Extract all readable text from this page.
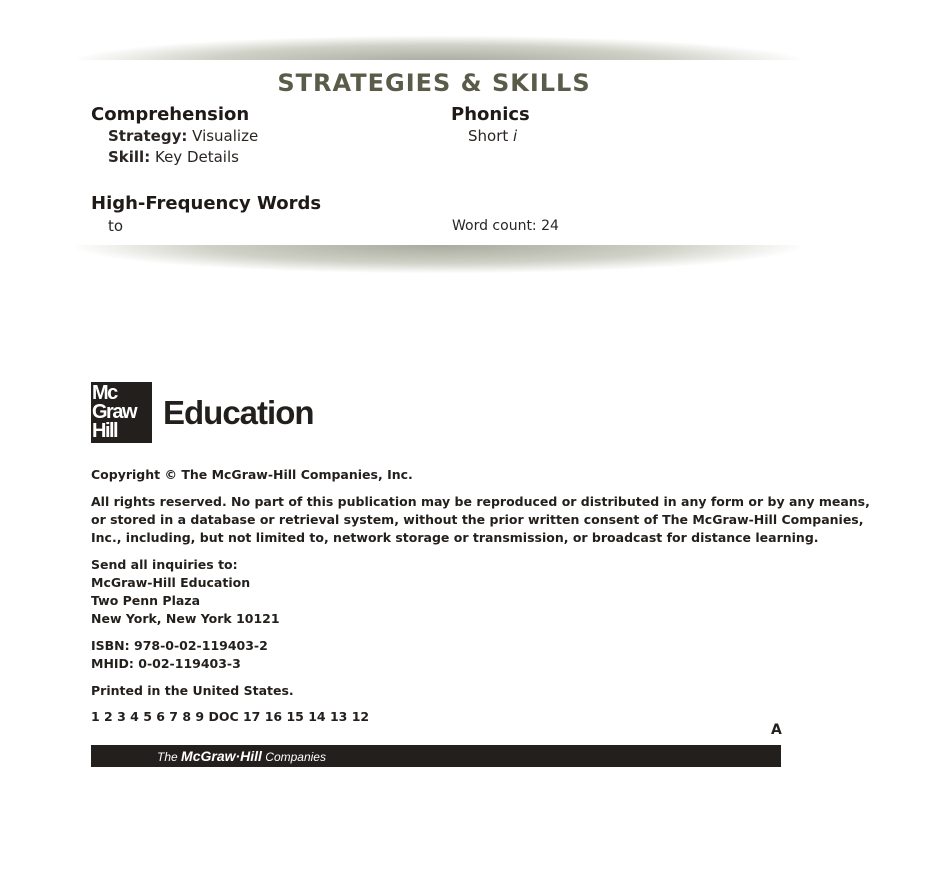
STRATEGIES & SKILLS
Comprehension
Strategy: Visualize
Skill: Key Details
Phonics
Short i
High-Frequency Words
to	Word count: 24
Mc
Graw
Hill	Education
Copyright © The McGraw-Hill Companies, Inc.
All rights reserved. No part of this publication may be reproduced or distributed in any form or by any means,
or stored in a database or retrieval system, without the prior written consent of The McGraw-Hill Companies,
Inc., including, but not limited to, network storage or transmission, or broadcast for distance learning.
Send all inquiries to:
McGraw-Hill Education
Two Penn Plaza
New York, New York 10121
ISBN: 978-0-02-119403-2
MHID: 0-02-119403-3
Printed in the United States.
1 2 3 4 5 6 7 8 9 DOC 17 16 15 14 13 12
A
The McGraw·Hill Companies
